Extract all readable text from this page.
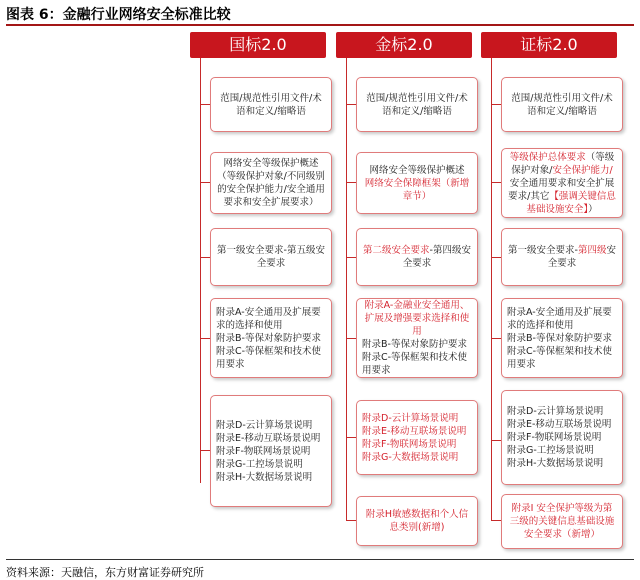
图表 6：金融行业网络安全标准比较
国标2.0
范围/规范性引用文件/术语和定义/缩略语
网络安全等级保护概述（等级保护对象/不同级别的安全保护能力/安全通用要求和安全扩展要求）
第一级安全要求-第五级安全要求
附录A-安全通用及扩展要求的选择和使用
附录B-等保对象防护要求
附录C-等保框架和技术使用要求
附录D-云计算场景说明
附录E-移动互联场景说明
附录F-物联网场景说明
附录G-工控场景说明
附录H-大数据场景说明
金标2.0
范围/规范性引用文件/术语和定义/缩略语
网络安全等级保护概述
网络安全保障框架（新增章节）
第二级安全要求-第四级安全要求
附录A-金融业安全通用、扩展及增强要求选择和使用
附录B-等保对象防护要求
附录C-等保框架和技术使用要求
附录D-云计算场景说明
附录E-移动互联场景说明
附录F-物联网场景说明
附录G-大数据场景说明
附录H敏感数据和个人信息类别(新增)
证标2.0
范围/规范性引用文件/术语和定义/缩略语
等级保护总体要求（等级保护对象/安全保护能力/安全通用要求和安全扩展要求/其它【强调关键信息基础设施安全】）
第一级安全要求-第四级安全要求
附录A-安全通用及扩展要求的选择和使用
附录B-等保对象防护要求
附录C-等保框架和技术使用要求
附录D-云计算场景说明
附录E-移动互联场景说明
附录F-物联网场景说明
附录G-工控场景说明
附录H-大数据场景说明
附录I 安全保护等级为第三级的关键信息基础设施安全要求（新增）
资料来源：天融信，东方财富证券研究所
